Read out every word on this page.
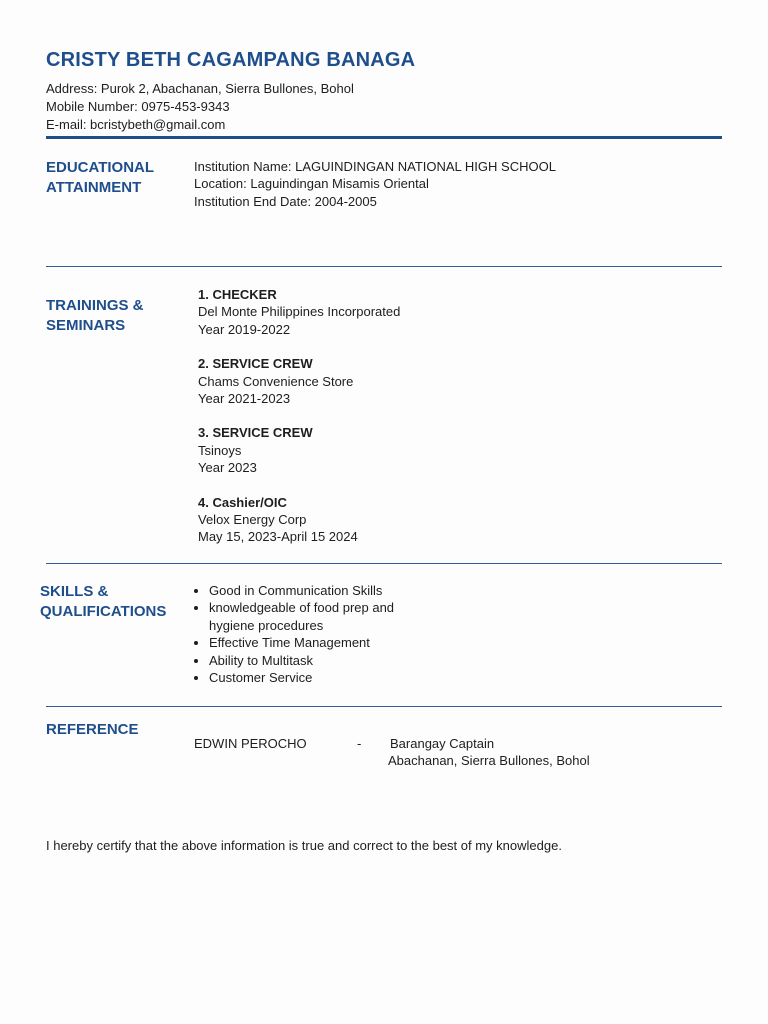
CRISTY BETH CAGAMPANG BANAGA
Address: Purok 2, Abachanan, Sierra Bullones, Bohol
Mobile Number: 0975-453-9343
E-mail: bcristybeth@gmail.com
EDUCATIONAL
ATTAINMENT
Institution Name: LAGUINDINGAN NATIONAL HIGH SCHOOL
Location: Laguindingan Misamis Oriental
Institution End Date: 2004-2005
TRAININGS &
SEMINARS
1. CHECKER
Del Monte Philippines Incorporated
Year 2019-2022
2. SERVICE CREW
Chams Convenience Store
Year 2021-2023
3. SERVICE CREW
Tsinoys
Year 2023
4. Cashier/OIC
Velox Energy Corp
May 15, 2023-April 15 2024
SKILLS &
QUALIFICATIONS
• Good in Communication Skills
• knowledgeable of food prep and
hygiene procedures
• Effective Time Management
• Ability to Multitask
• Customer Service
REFERENCE
EDWIN PEROCHO	- Barangay Captain
Abachanan, Sierra Bullones, Bohol
I hereby certify that the above information is true and correct to the best of my knowledge.
